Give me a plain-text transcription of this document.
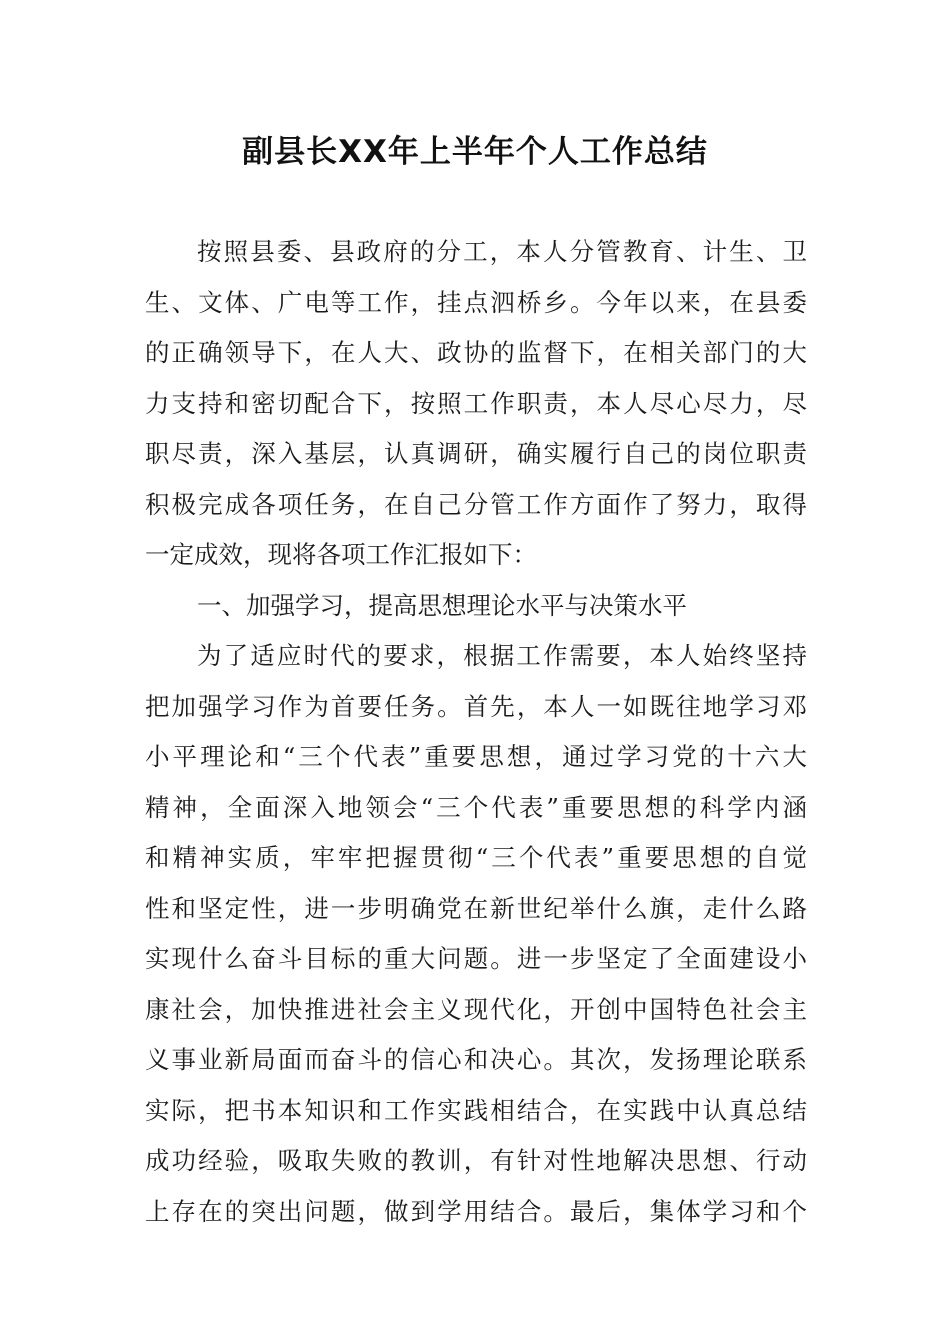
副县长XX年上半年个人工作总结
按照县委、县政府的分工，本人分管教育、计生、卫
生、文体、广电等工作，挂点泗桥乡。今年以来，在县委
的正确领导下，在人大、政协的监督下，在相关部门的大
力支持和密切配合下，按照工作职责，本人尽心尽力，尽
职尽责，深入基层，认真调研，确实履行自己的岗位职责
积极完成各项任务，在自己分管工作方面作了努力，取得
一定成效，现将各项工作汇报如下：
一、加强学习，提高思想理论水平与决策水平
为了适应时代的要求，根据工作需要，本人始终坚持
把加强学习作为首要任务。首先，本人一如既往地学习邓
小平理论和“三个代表”重要思想，通过学习党的十六大
精神，全面深入地领会“三个代表”重要思想的科学内涵
和精神实质，牢牢把握贯彻“三个代表”重要思想的自觉
性和坚定性，进一步明确党在新世纪举什么旗，走什么路
实现什么奋斗目标的重大问题。进一步坚定了全面建设小
康社会，加快推进社会主义现代化，开创中国特色社会主
义事业新局面而奋斗的信心和决心。其次，发扬理论联系
实际，把书本知识和工作实践相结合，在实践中认真总结
成功经验，吸取失败的教训，有针对性地解决思想、行动
上存在的突出问题，做到学用结合。最后，集体学习和个
